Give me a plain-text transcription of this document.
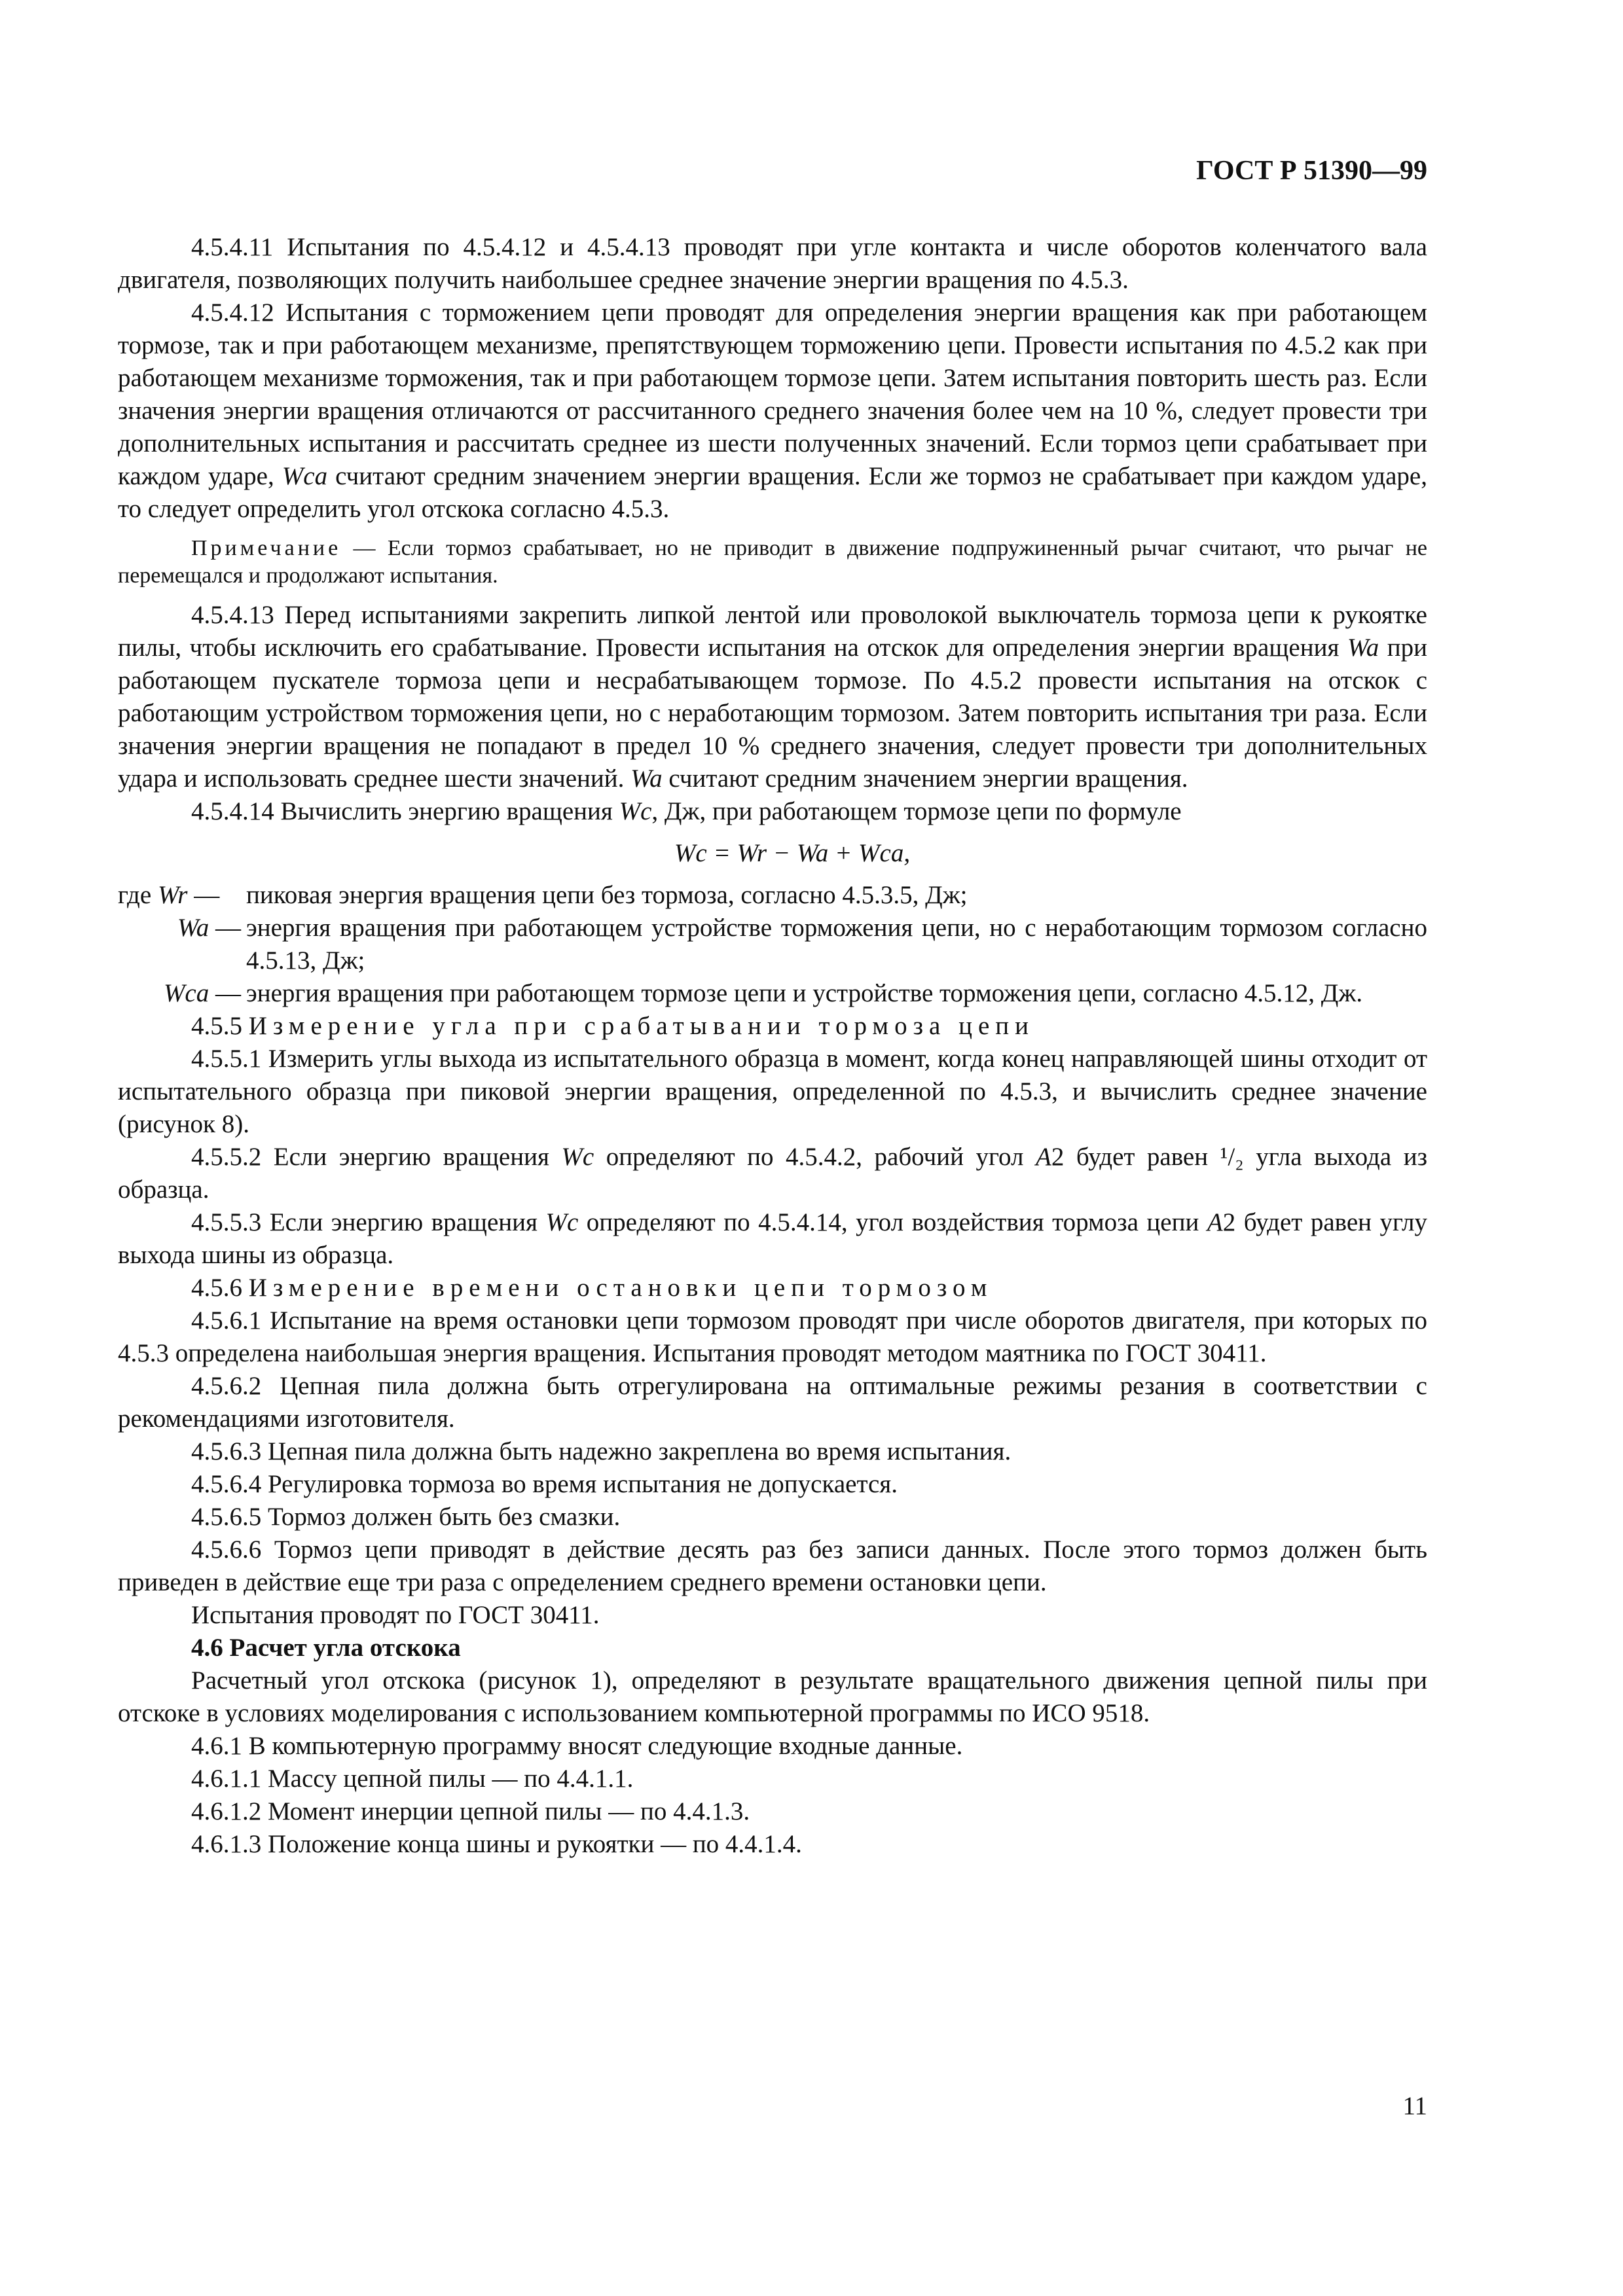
ГОСТ Р 51390—99

4.5.4.11 Испытания по 4.5.4.12 и 4.5.4.13 проводят при угле контакта и числе оборотов коленчатого вала двигателя, позволяющих получить наибольшее среднее значение энергии вращения по 4.5.3.

4.5.4.12 Испытания с торможением цепи проводят для определения энергии вращения как при работающем тормозе, так и при работающем механизме, препятствующем торможению цепи. Провести испытания по 4.5.2 как при работающем механизме торможения, так и при работающем тормозе цепи. Затем испытания повторить шесть раз. Если значения энергии вращения отличаются от рассчитанного среднего значения более чем на 10 %, следует провести три дополнительных испытания и рассчитать среднее из шести полученных значений. Если тормоз цепи срабатывает при каждом ударе, Wca считают средним значением энергии вращения. Если же тормоз не срабатывает при каждом ударе, то следует определить угол отскока согласно 4.5.3.

Примечание — Если тормоз срабатывает, но не приводит в движение подпружиненный рычаг считают, что рычаг не перемещался и продолжают испытания.

4.5.4.13 Перед испытаниями закрепить липкой лентой или проволокой выключатель тормоза цепи к рукоятке пилы, чтобы исключить его срабатывание. Провести испытания на отскок для определения энергии вращения Wa при работающем пускателе тормоза цепи и несрабатывающем тормозе. По 4.5.2 провести испытания на отскок с работающим устройством торможения цепи, но с неработающим тормозом. Затем повторить испытания три раза. Если значения энергии вращения не попадают в предел 10 % среднего значения, следует провести три дополнительных удара и использовать среднее шести значений. Wa считают средним значением энергии вращения.

4.5.4.14 Вычислить энергию вращения Wc, Дж, при работающем тормозе цепи по формуле

Wc = Wr − Wa + Wca,

где Wr —	пиковая энергия вращения цепи без тормоза, согласно 4.5.3.5, Дж;
Wa — энергия вращения при работающем устройстве торможения цепи, но с неработающим тормозом согласно 4.5.13, Дж;
Wca — энергия вращения при работающем тормозе цепи и устройстве торможения цепи, согласно 4.5.12, Дж.

4.5.5 Измерение угла при срабатывании тормоза цепи

4.5.5.1 Измерить углы выхода из испытательного образца в момент, когда конец направляющей шины отходит от испытательного образца при пиковой энергии вращения, определенной по 4.5.3, и вычислить среднее значение (рисунок 8).

4.5.5.2 Если энергию вращения Wc определяют по 4.5.4.2, рабочий угол A2 будет равен ¹/₂ угла выхода из образца.

4.5.5.3 Если энергию вращения Wc определяют по 4.5.4.14, угол воздействия тормоза цепи A2 будет равен углу выхода шины из образца.

4.5.6 Измерение времени остановки цепи тормозом

4.5.6.1 Испытание на время остановки цепи тормозом проводят при числе оборотов двигателя, при которых по 4.5.3 определена наибольшая энергия вращения. Испытания проводят методом маятника по ГОСТ 30411.

4.5.6.2 Цепная пила должна быть отрегулирована на оптимальные режимы резания в соответствии с рекомендациями изготовителя.

4.5.6.3 Цепная пила должна быть надежно закреплена во время испытания.

4.5.6.4 Регулировка тормоза во время испытания не допускается.

4.5.6.5 Тормоз должен быть без смазки.

4.5.6.6 Тормоз цепи приводят в действие десять раз без записи данных. После этого тормоз должен быть приведен в действие еще три раза с определением среднего времени остановки цепи.

Испытания проводят по ГОСТ 30411.

4.6 Расчет угла отскока

Расчетный угол отскока (рисунок 1), определяют в результате вращательного движения цепной пилы при отскоке в условиях моделирования с использованием компьютерной программы по ИСО 9518.

4.6.1 В компьютерную программу вносят следующие входные данные.

4.6.1.1 Массу цепной пилы — по 4.4.1.1.

4.6.1.2 Момент инерции цепной пилы — по 4.4.1.3.

4.6.1.3 Положение конца шины и рукоятки — по 4.4.1.4.

11
